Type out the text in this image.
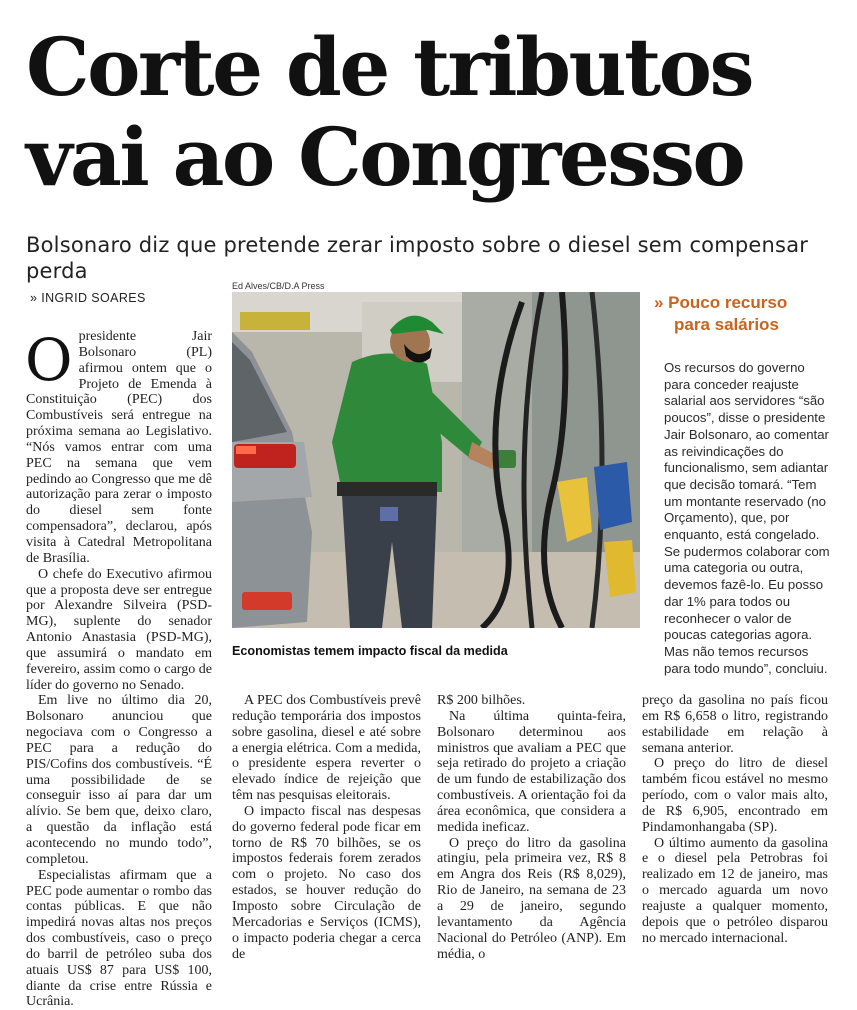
Corte de tributos
vai ao Congresso
Bolsonaro diz que pretende zerar imposto sobre o diesel sem compensar perda
» INGRID SOARES
Ed Alves/CB/D.A Press
Economistas temem impacto fiscal da medida

Opresidente Jair Bolsonaro (PL) afirmou ontem que o Projeto de Emenda à Constituição (PEC) dos Combustíveis será entregue na próxima semana ao Legislativo. “Nós vamos entrar com uma PEC na semana que vem pedindo ao Congresso que me dê autorização para zerar o imposto do diesel sem fonte compensadora”, declarou, após visita à Catedral Metropolitana de Brasília.

O chefe do Executivo afirmou que a proposta deve ser entregue por Alexandre Silveira (PSD-MG), suplente do senador Antonio Anastasia (PSD-MG), que assumirá o mandato em fevereiro, assim como o cargo de líder do governo no Senado.

Em live no último dia 20, Bolsonaro anunciou que negociava com o Congresso a PEC para a redução do PIS/Cofins dos combustíveis. “É uma possibilidade de se conseguir isso aí para dar um alívio. Se bem que, deixo claro, a questão da inflação está acontecendo no mundo todo”, completou.

Especialistas afirmam que a PEC pode aumentar o rombo das contas públicas. E que não impedirá novas altas nos preços dos combustíveis, caso o preço do barril de petróleo suba dos atuais US$ 87 para US$ 100, diante da crise entre Rússia e Ucrânia.

A PEC dos Combustíveis prevê redução temporária dos impostos sobre gasolina, diesel e até sobre a energia elétrica. Com a medida, o presidente espera reverter o elevado índice de rejeição que têm nas pesquisas eleitorais.

O impacto fiscal nas despesas do governo federal pode ficar em torno de R$ 70 bilhões, se os impostos federais forem zerados com o projeto. No caso dos estados, se houver redução do Imposto sobre Circulação de Mercadorias e Serviços (ICMS), o impacto poderia chegar a cerca de

R$ 200 bilhões.

Na última quinta-feira, Bolsonaro determinou aos ministros que avaliam a PEC que seja retirado do projeto a criação de um fundo de estabilização dos combustíveis. A orientação foi da área econômica, que considera a medida ineficaz.

O preço do litro da gasolina atingiu, pela primeira vez, R$ 8 em Angra dos Reis (R$ 8,029), Rio de Janeiro, na semana de 23 a 29 de janeiro, segundo levantamento da Agência Nacional do Petróleo (ANP). Em média, o

preço da gasolina no país ficou em R$ 6,658 o litro, registrando estabilidade em relação à semana anterior.

O preço do litro de diesel também ficou estável no mesmo período, com o valor mais alto, de R$ 6,905, encontrado em Pindamonhangaba (SP).

O último aumento da gasolina e o diesel pela Petrobras foi realizado em 12 de janeiro, mas o mercado aguarda um novo reajuste a qualquer momento, depois que o petróleo disparou no mercado internacional.

» Pouco recurso
para salários
Os recursos do governo para conceder reajuste salarial aos servidores “são poucos”, disse o presidente Jair Bolsonaro, ao comentar as reivindicações do funcionalismo, sem adiantar que decisão tomará. “Tem um montante reservado (no Orçamento), que, por enquanto, está congelado. Se pudermos colaborar com uma categoria ou outra, devemos fazê-lo. Eu posso dar 1% para todos ou reconhecer o valor de poucas categorias agora. Mas não temos recursos para todo mundo”, concluiu.
